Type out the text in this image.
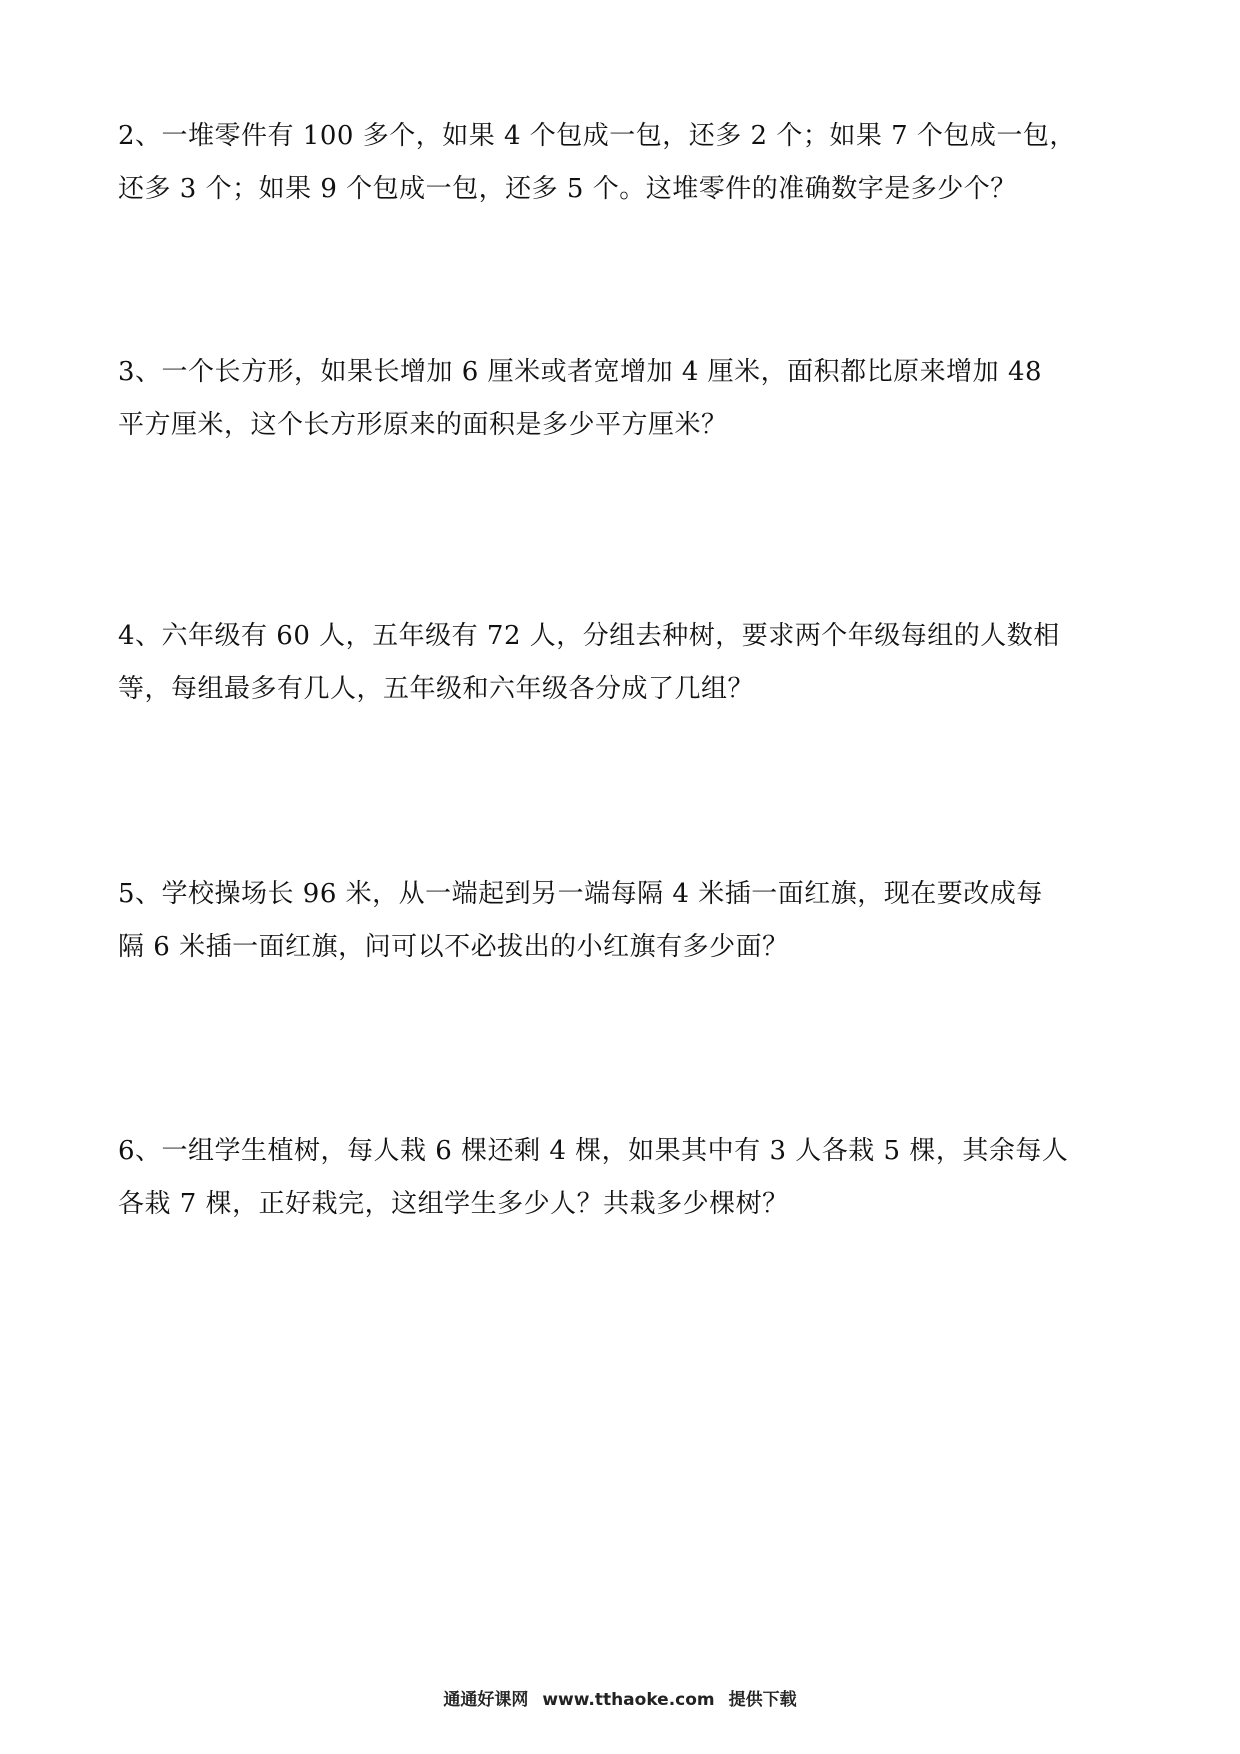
2、一堆零件有 100 多个，如果 4 个包成一包，还多 2 个；如果 7 个包成一包，
还多 3 个；如果 9 个包成一包，还多 5 个。这堆零件的准确数字是多少个？
3、一个长方形，如果长增加 6 厘米或者宽增加 4 厘米，面积都比原来增加 48
平方厘米，这个长方形原来的面积是多少平方厘米？
4、六年级有 60 人，五年级有 72 人，分组去种树，要求两个年级每组的人数相
等，每组最多有几人，五年级和六年级各分成了几组？
5、学校操场长 96 米，从一端起到另一端每隔 4 米插一面红旗，现在要改成每
隔 6 米插一面红旗，问可以不必拔出的小红旗有多少面？
6、一组学生植树，每人栽 6 棵还剩 4 棵，如果其中有 3 人各栽 5 棵，其余每人
各栽 7 棵，正好栽完，这组学生多少人？共栽多少棵树？
通通好课网 www.tthaoke.com 提供下载
